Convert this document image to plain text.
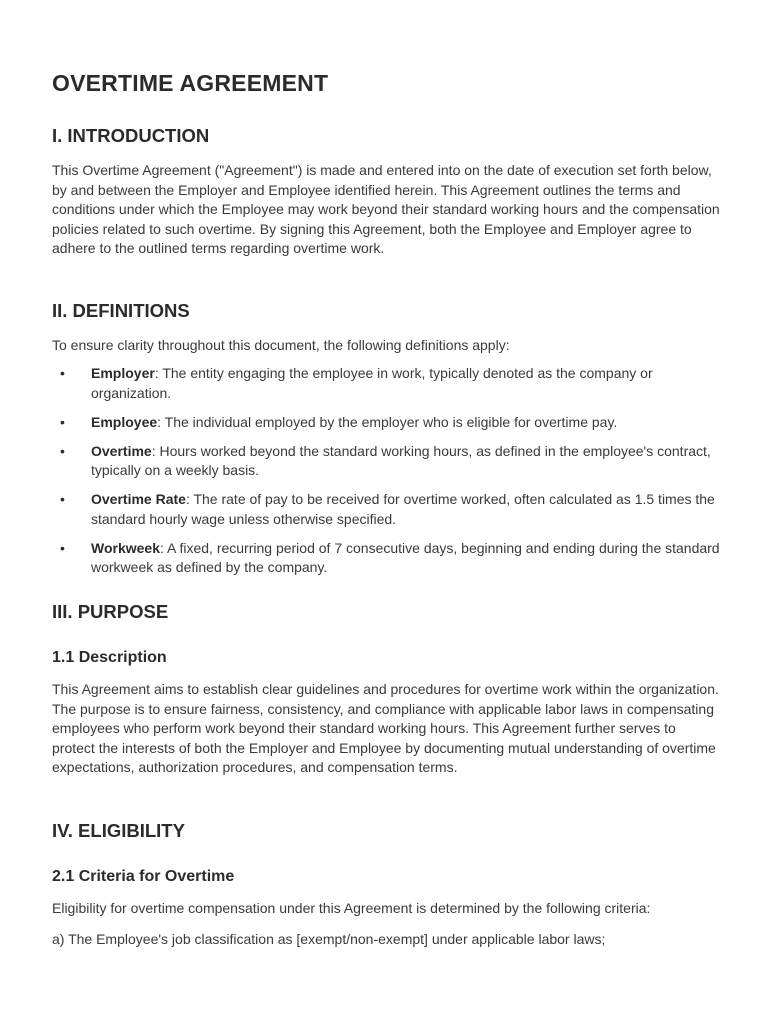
OVERTIME AGREEMENT
I. INTRODUCTION

This Overtime Agreement ("Agreement") is made and entered into on the date of execution set forth below, by and between the Employer and Employee identified herein. This Agreement outlines the terms and conditions under which the Employee may work beyond their standard working hours and the compensation policies related to such overtime. By signing this Agreement, both the Employee and Employer agree to adhere to the outlined terms regarding overtime work.

II. DEFINITIONS

To ensure clarity throughout this document, the following definitions apply:

• Employer: The entity engaging the employee in work, typically denoted as the company or organization.
• Employee: The individual employed by the employer who is eligible for overtime pay.
• Overtime: Hours worked beyond the standard working hours, as defined in the employee's contract, typically on a weekly basis.
• Overtime Rate: The rate of pay to be received for overtime worked, often calculated as 1.5 times the standard hourly wage unless otherwise specified.
• Workweek: A fixed, recurring period of 7 consecutive days, beginning and ending during the standard workweek as defined by the company.
III. PURPOSE
1.1 Description

This Agreement aims to establish clear guidelines and procedures for overtime work within the organization. The purpose is to ensure fairness, consistency, and compliance with applicable labor laws in compensating employees who perform work beyond their standard working hours. This Agreement further serves to protect the interests of both the Employer and Employee by documenting mutual understanding of overtime expectations, authorization procedures, and compensation terms.

IV. ELIGIBILITY
2.1 Criteria for Overtime

Eligibility for overtime compensation under this Agreement is determined by the following criteria:

a) The Employee's job classification as [exempt/non-exempt] under applicable labor laws;
